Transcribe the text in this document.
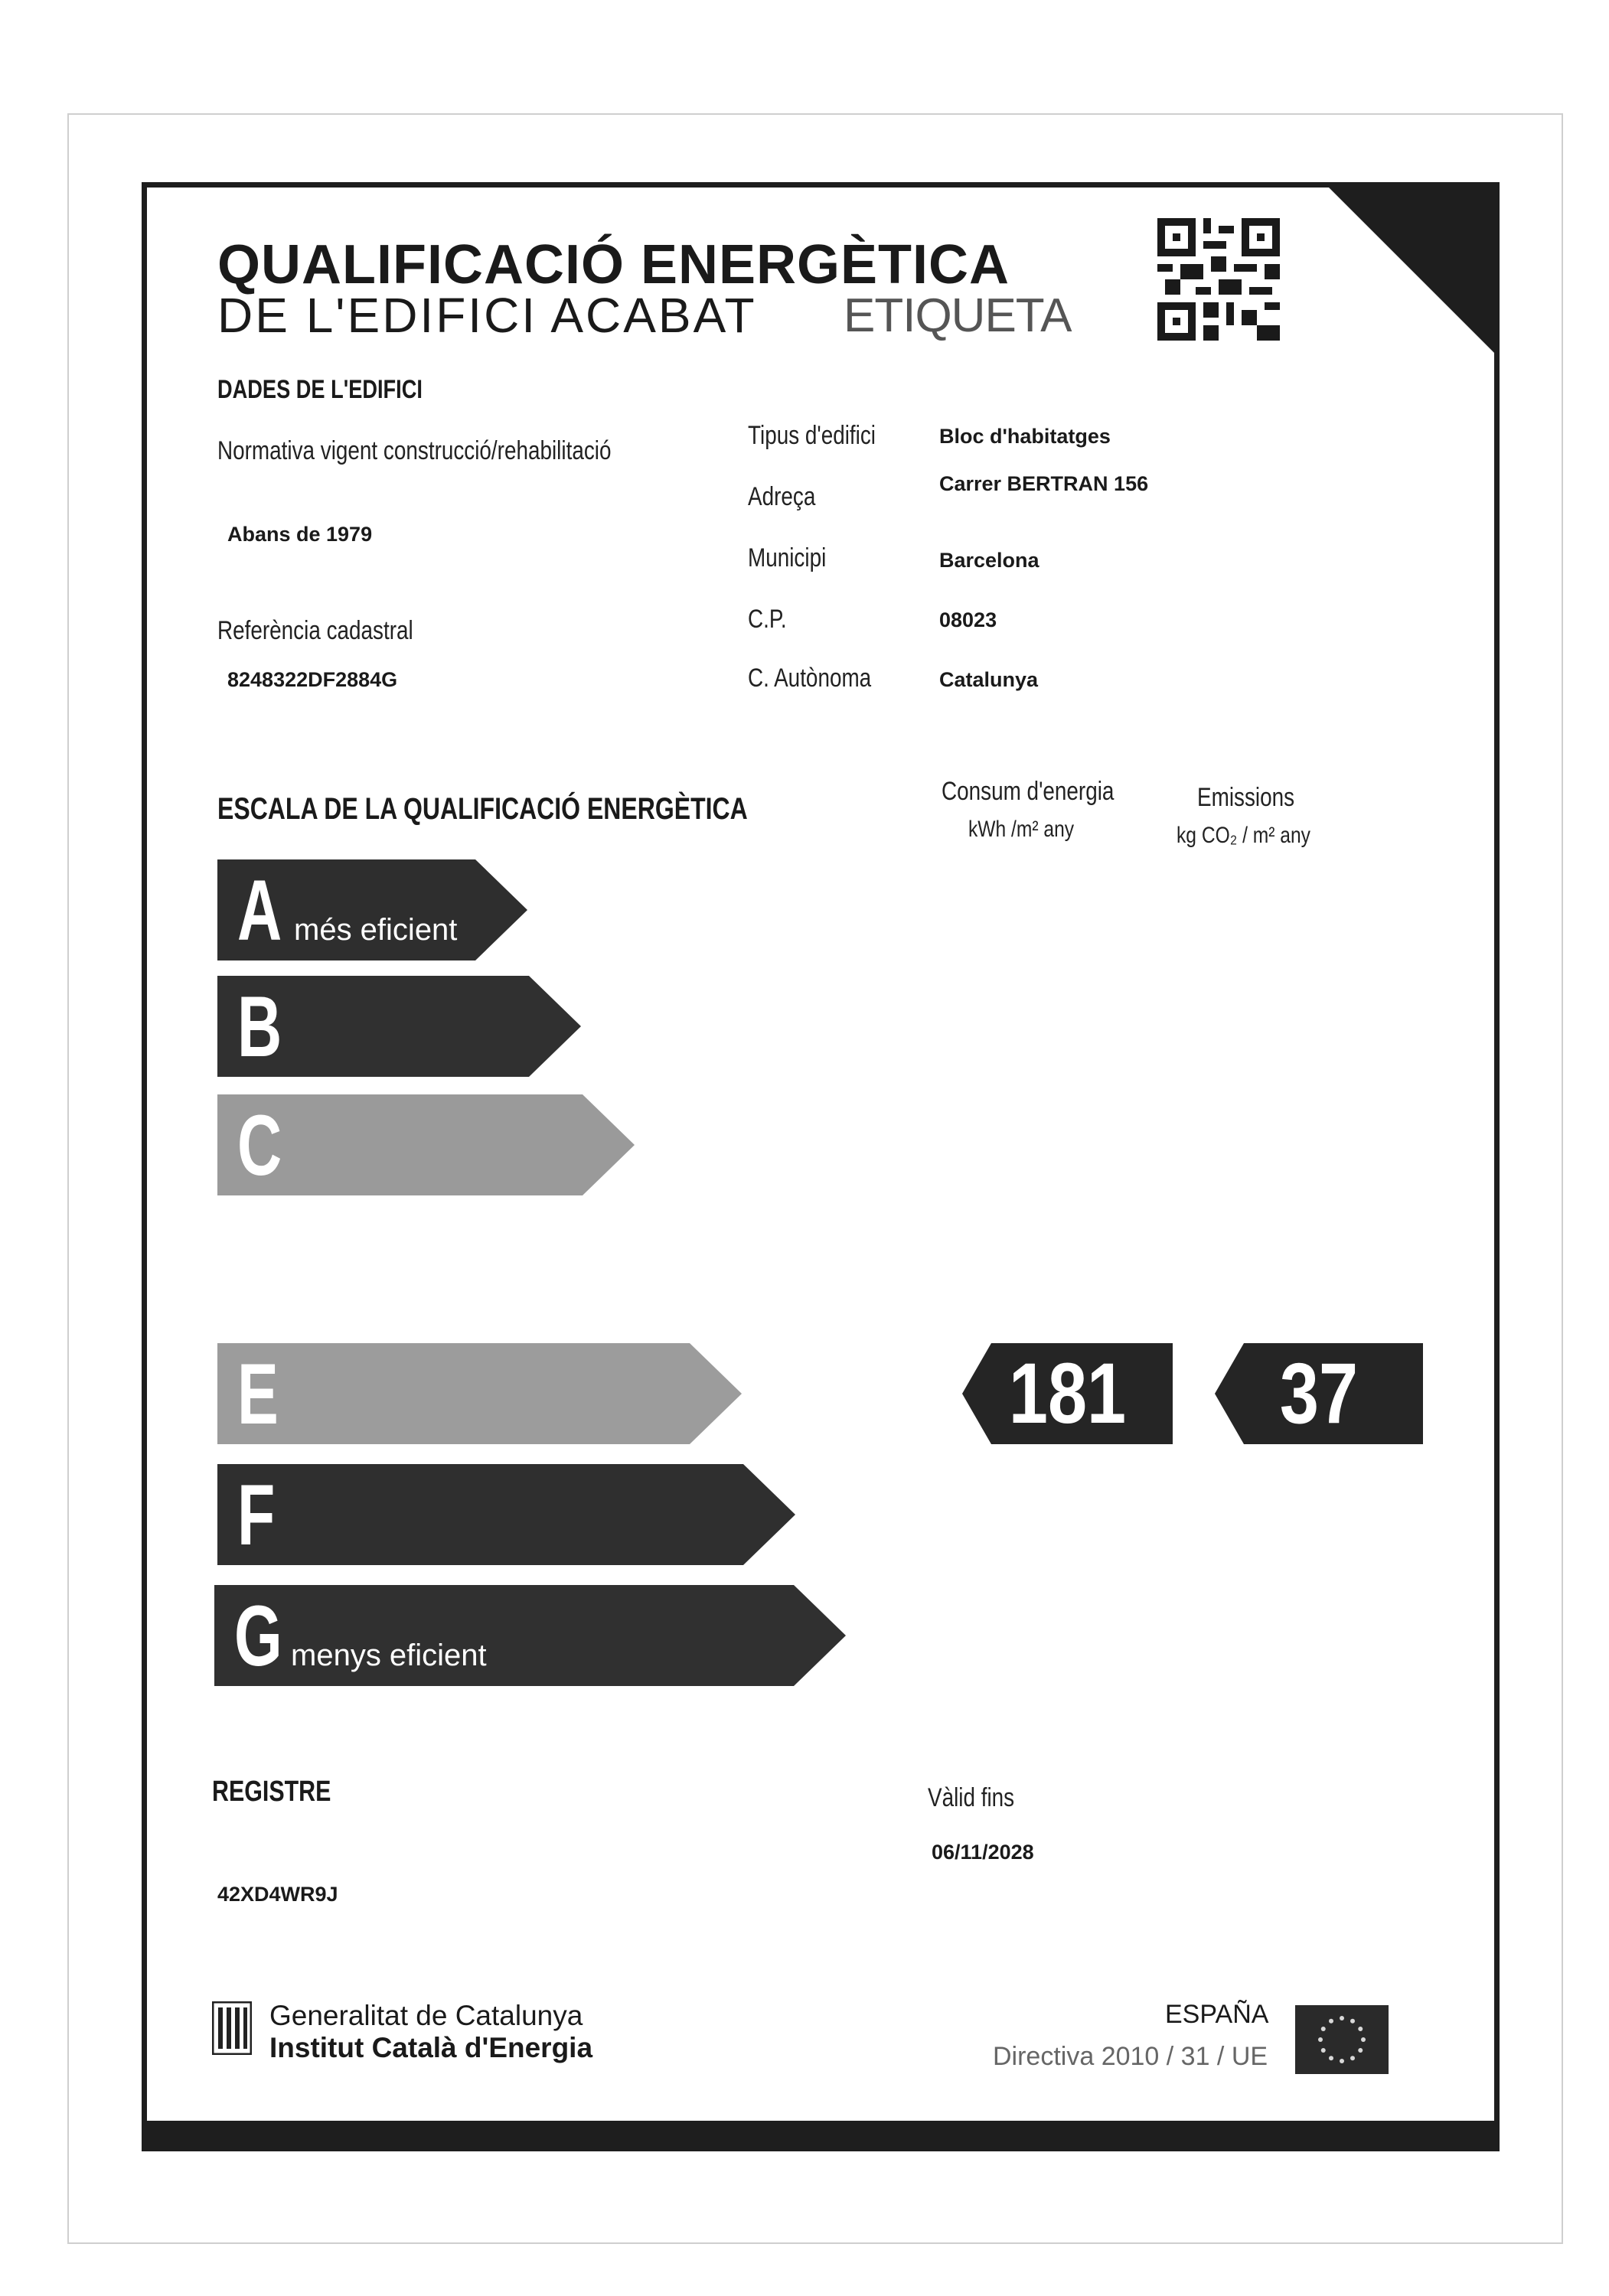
QUALIFICACIÓ ENERGÈTICA
DE L'EDIFICI ACABAT ETIQUETA
DADES DE L'EDIFICI
Normativa vigent construcció/rehabilitació
Abans de 1979
Referència cadastral
8248322DF2884G
Tipus d'edifici	Bloc d'habitatges
Adreça	Carrer BERTRAN 156
Municipi	Barcelona
C.P.	08023
C. Autònoma	Catalunya
ESCALA DE LA QUALIFICACIÓ ENERGÈTICA
Consum d'energia
kWh /m² any
Emissions
kg CO₂ / m² any
A més eficient
B
C
E
F
G menys eficient
181	37
REGISTRE
42XD4WR9J
Vàlid fins
06/11/2028
Generalitat de Catalunya
Institut Català d'Energia
ESPAÑA
Directiva 2010 / 31 / UE
